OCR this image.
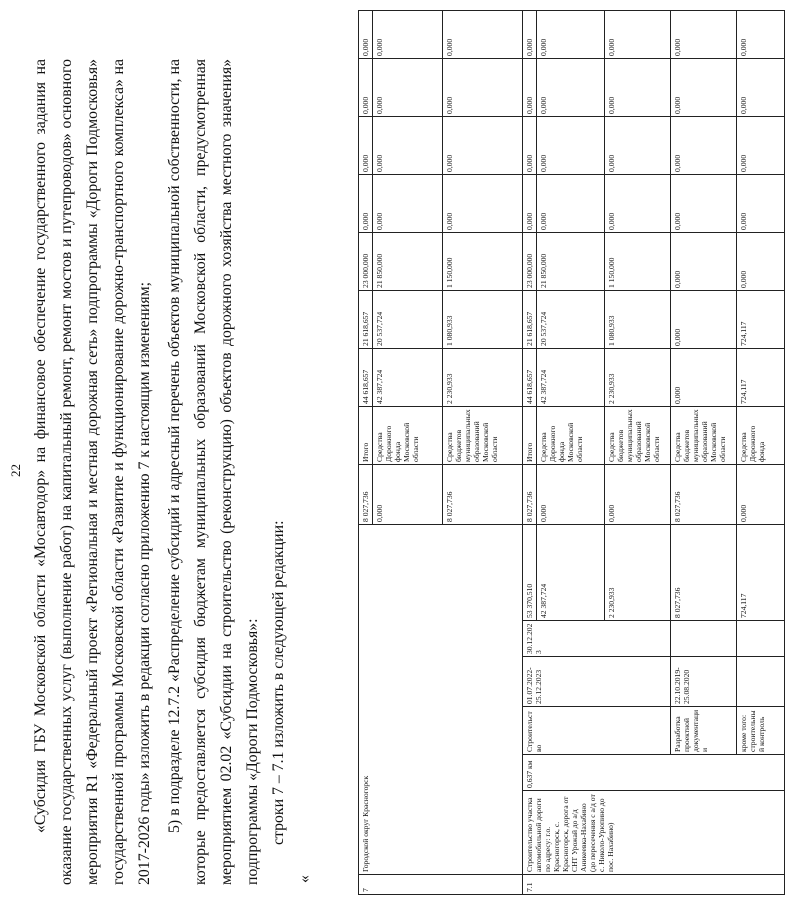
22 «Субсидия ГБУ Московской области «Мосавтодор» на финансовое обеспечение государственного задания на оказание государственных услуг (выполнение работ) на капитальный ремонт, ремонт мостов и путепроводов» основного мероприятия R1 «Федеральный проект «Региональная и местная дорожная сеть» подпрограммы «Дороги Подмосковья» государственной программы Московской области «Развитие и функционирование дорожно-транспортного комплекса» на 2017-2026 годы» изложить в редакции согласно приложению 7 к настоящим изменениям; 5) в подразделе 12.7.2 «Распределение субсидий и адресный перечень объектов муниципальной собственности, на которые предоставляется субсидия бюджетам муниципальных образований Московской области, предусмотренная мероприятием 02.02 «Субсидии на строительство (реконструкцию) объектов дорожного хозяйства местного значения» подпрограммы «Дороги Подмосковья»: строки 7 – 7.1 изложить в следующей редакции:
«
7	Городской округ Красногорск						8 027,736	Итого	44 618,657	21 618,657	23 000,000	0,000	0,000	0,000	0,000
							0,000	Средства Дорожного фонда Московской области	42 387,724	20 537,724	21 850,000	0,000	0,000	0,000	0,000
							8 027,736	Средства бюджетов муниципальных образований Московской области	2 230,933	1 080,933	1 150,000	0,000	0,000	0,000	0,000
7.1	Строительство участка автомобильной дороги по адресу: г.о. Красногорск, с. Красногорск, дорога от СНТ Урожай до а/д Аникеевка-Нахабино (до пересечения с а/д от с. Николо-Урюпино до пос. Нахабино)	0,637 км	Строительство	01.07.2022-25.12.2023	30.12.2023	53 370,510	8 027,736	Итого	44 618,657	21 618,657	23 000,000	0,000	0,000	0,000	0,000
						42 387,724	0,000	Средства Дорожного фонда Московской области	42 387,724	20 537,724	21 850,000	0,000	0,000	0,000	0,000
						2 230,933	0,000	Средства бюджетов муниципальных образований Московской области	2 230,933	1 080,933	1 150,000	0,000	0,000	0,000	0,000
			Разработка проектной документации	22.10.2019-25.08.2020		8 027,736	8 027,736	Средства бюджетов муниципальных образований Московской области	0,000	0,000	0,000	0,000	0,000	0,000	0,000
			кроме того: строительный контроль			724,117	0,000	Средства Дорожного фонда	724,117	724,117	0,000	0,000	0,000	0,000	0,000
